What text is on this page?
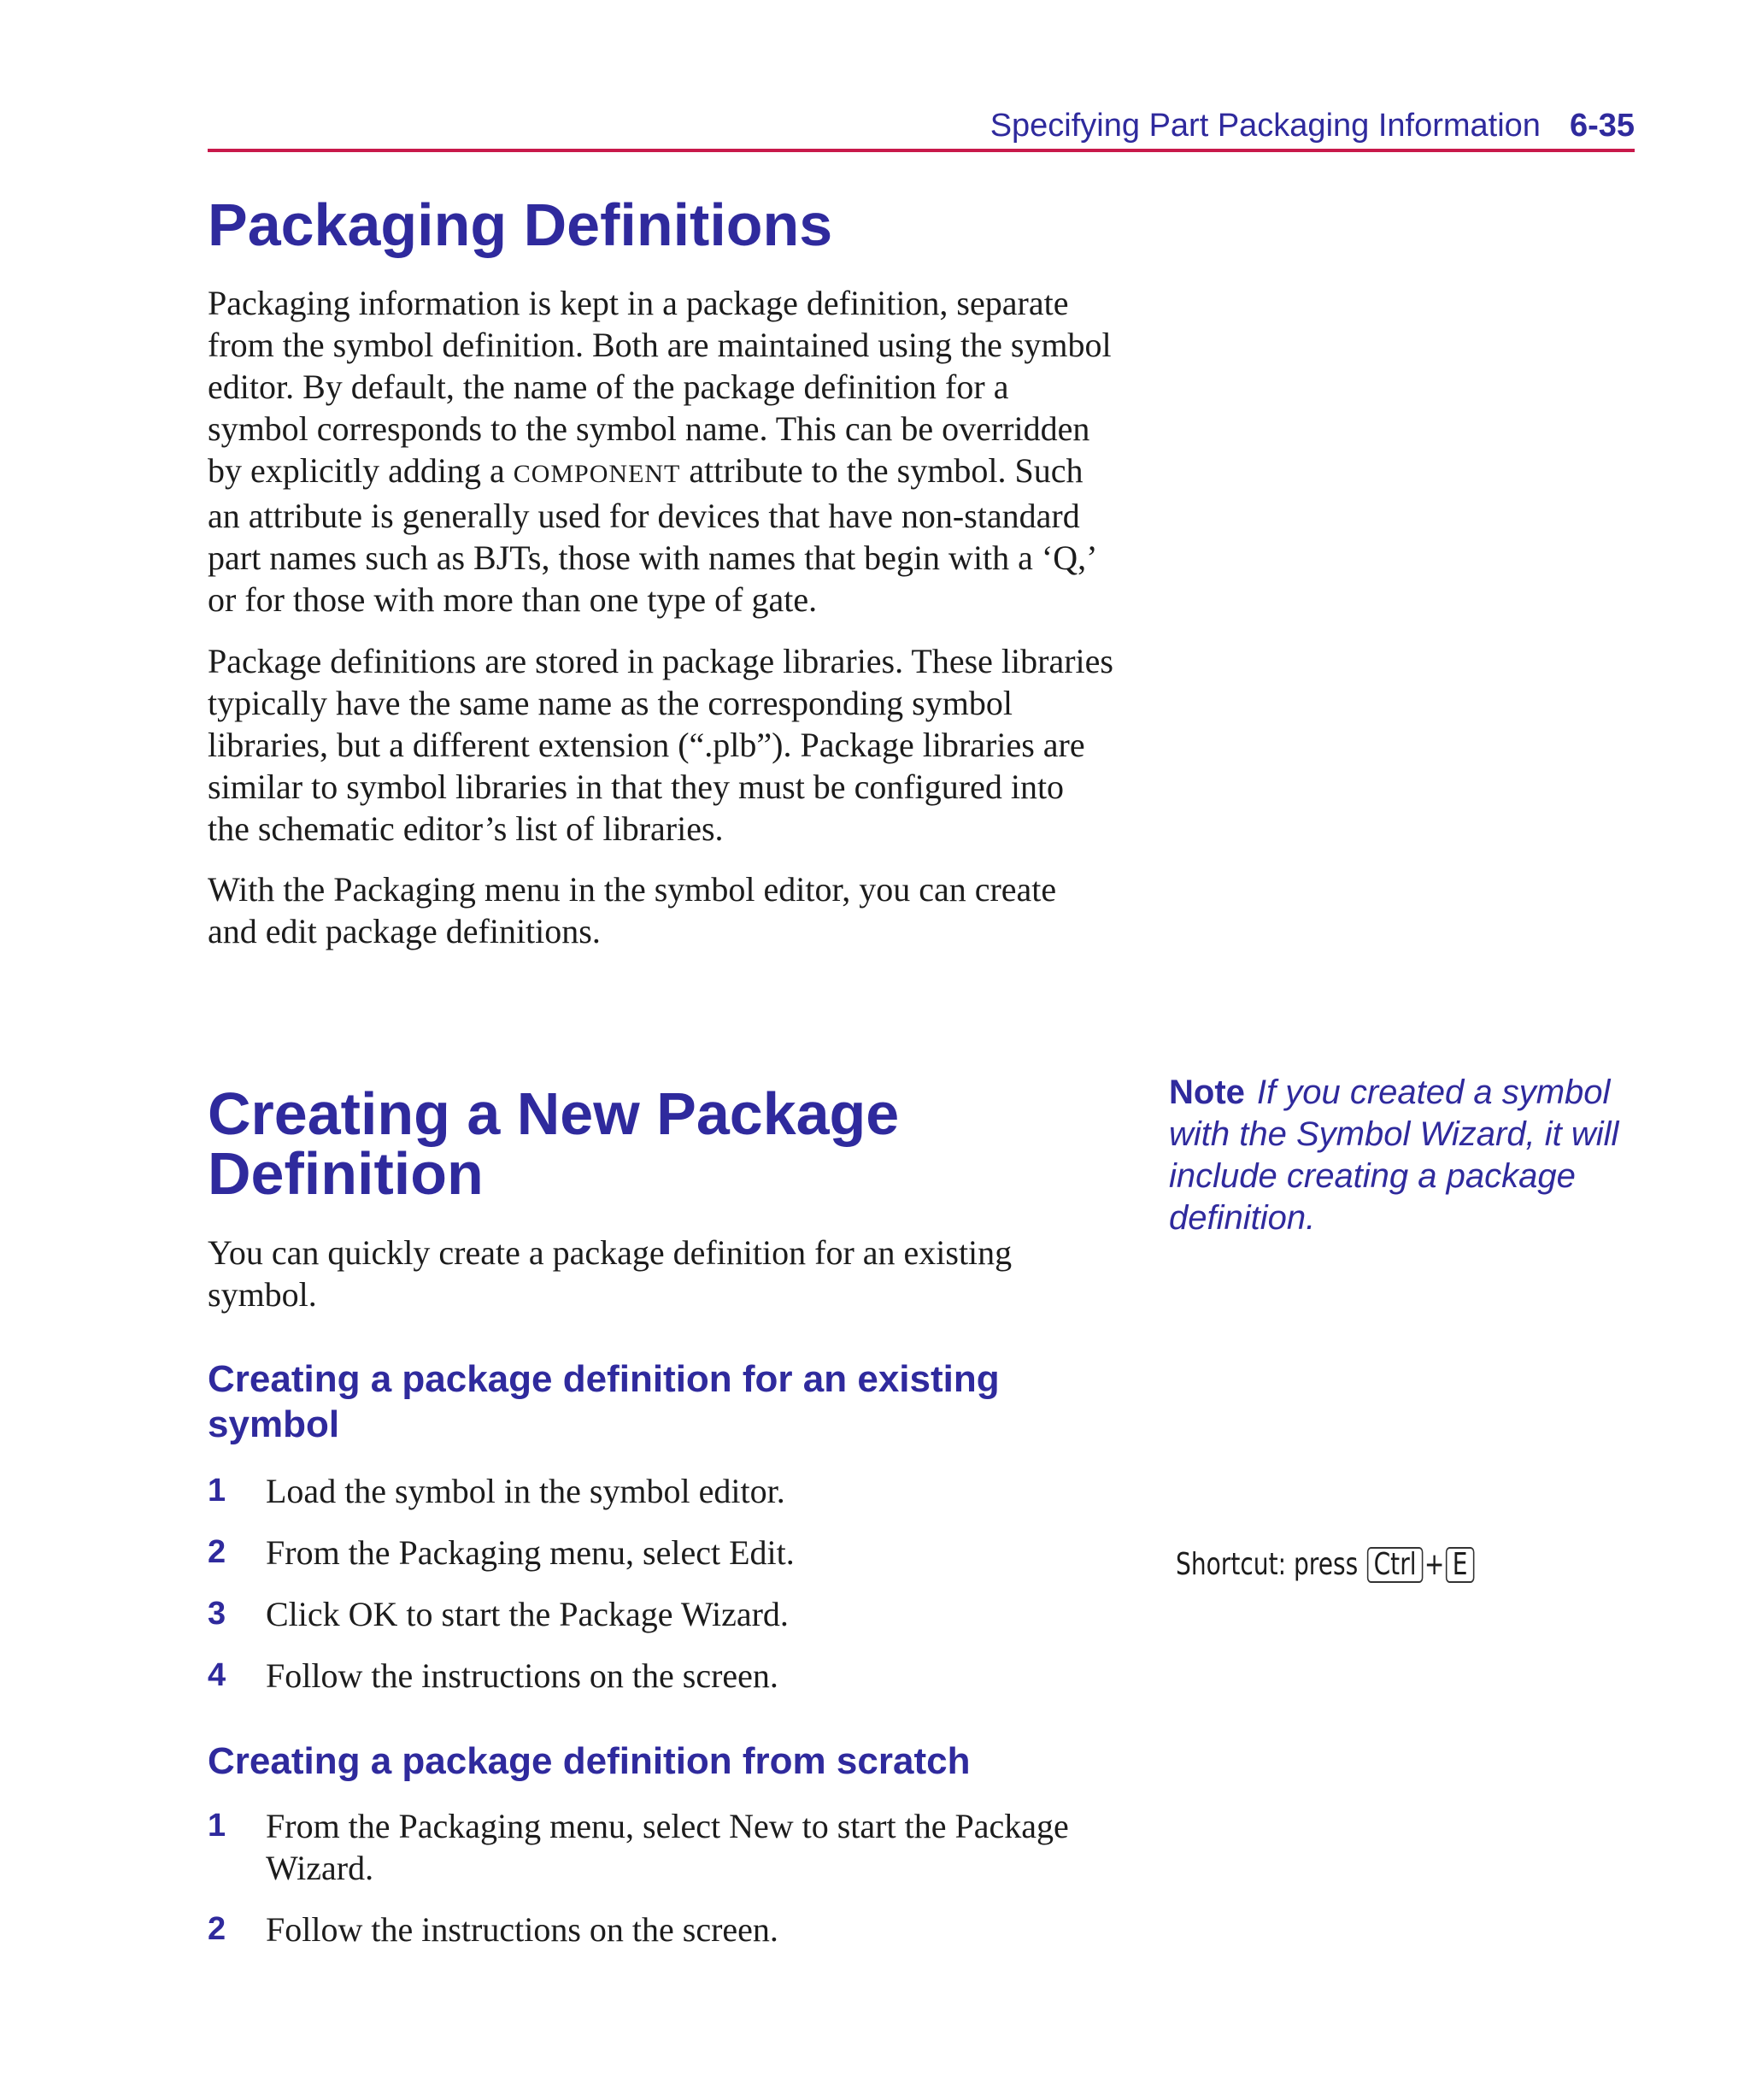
Specifying Part Packaging Information 6-35
Packaging Definitions

Packaging information is kept in a package definition, separate from the symbol definition. Both are maintained using the symbol editor. By default, the name of the package definition for a symbol corresponds to the symbol name. This can be overridden by explicitly adding a COMPONENT attribute to the symbol. Such an attribute is generally used for devices that have non-standard part names such as BJTs, those with names that begin with a ‘Q,’ or for those with more than one type of gate.

Package definitions are stored in package libraries. These libraries typically have the same name as the corresponding symbol libraries, but a different extension (“.plb”). Package libraries are similar to symbol libraries in that they must be configured into the schematic editor’s list of libraries.

With the Packaging menu in the symbol editor, you can create and edit package definitions.

Creating a New Package
Definition

You can quickly create a package definition for an existing symbol.

Creating a package definition for an existing symbol
1 Load the symbol in the symbol editor.
2 From the Packaging menu, select Edit.
3 Click OK to start the Package Wizard.
4 Follow the instructions on the screen.
Creating a package definition from scratch
1 From the Packaging menu, select New to start the Package Wizard.
2 Follow the instructions on the screen.
Note If you created a symbol with the Symbol Wizard, it will include creating a package definition.
Shortcut: press Ctrl + E
